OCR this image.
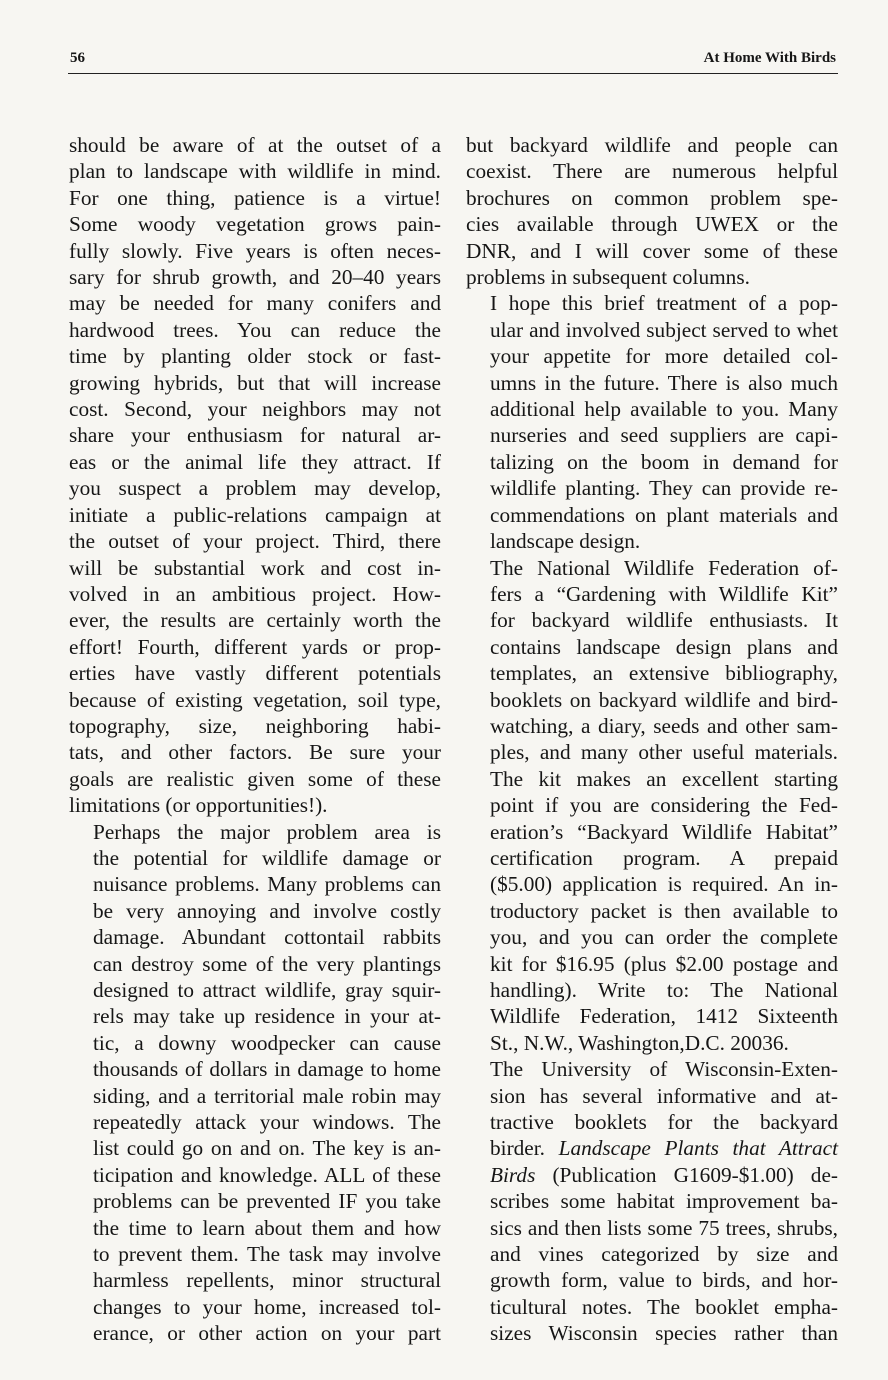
56	At Home With Birds

should be aware of at the outset of a
plan to landscape with wildlife in mind.
For one thing, patience is a virtue!
Some woody vegetation grows pain-
fully slowly. Five years is often neces-
sary for shrub growth, and 20–40 years
may be needed for many conifers and
hardwood trees. You can reduce the
time by planting older stock or fast-
growing hybrids, but that will increase
cost. Second, your neighbors may not
share your enthusiasm for natural ar-
eas or the animal life they attract. If
you suspect a problem may develop,
initiate a public-relations campaign at
the outset of your project. Third, there
will be substantial work and cost in-
volved in an ambitious project. How-
ever, the results are certainly worth the
effort! Fourth, different yards or prop-
erties have vastly different potentials
because of existing vegetation, soil type,
topography, size, neighboring habi-
tats, and other factors. Be sure your
goals are realistic given some of these
limitations (or opportunities!).

Perhaps the major problem area is
the potential for wildlife damage or
nuisance problems. Many problems can
be very annoying and involve costly
damage. Abundant cottontail rabbits
can destroy some of the very plantings
designed to attract wildlife, gray squir-
rels may take up residence in your at-
tic, a downy woodpecker can cause
thousands of dollars in damage to home
siding, and a territorial male robin may
repeatedly attack your windows. The
list could go on and on. The key is an-
ticipation and knowledge. ALL of these
problems can be prevented IF you take
the time to learn about them and how
to prevent them. The task may involve
harmless repellents, minor structural
changes to your home, increased tol-
erance, or other action on your part

but backyard wildlife and people can
coexist. There are numerous helpful
brochures on common problem spe-
cies available through UWEX or the
DNR, and I will cover some of these
problems in subsequent columns.

I hope this brief treatment of a pop-
ular and involved subject served to whet
your appetite for more detailed col-
umns in the future. There is also much
additional help available to you. Many
nurseries and seed suppliers are capi-
talizing on the boom in demand for
wildlife planting. They can provide re-
commendations on plant materials and
landscape design.

The National Wildlife Federation of-
fers a “Gardening with Wildlife Kit”
for backyard wildlife enthusiasts. It
contains landscape design plans and
templates, an extensive bibliography,
booklets on backyard wildlife and bird-
watching, a diary, seeds and other sam-
ples, and many other useful materials.
The kit makes an excellent starting
point if you are considering the Fed-
eration’s “Backyard Wildlife Habitat”
certification program. A prepaid
($5.00) application is required. An in-
troductory packet is then available to
you, and you can order the complete
kit for $16.95 (plus $2.00 postage and
handling). Write to: The National
Wildlife Federation, 1412 Sixteenth
St., N.W., Washington,D.C. 20036.

The University of Wisconsin-Exten-
sion has several informative and at-
tractive booklets for the backyard
birder. Landscape Plants that Attract
Birds (Publication G1609-$1.00) de-
scribes some habitat improvement ba-
sics and then lists some 75 trees, shrubs,
and vines categorized by size and
growth form, value to birds, and hor-
ticultural notes. The booklet empha-
sizes Wisconsin species rather than
